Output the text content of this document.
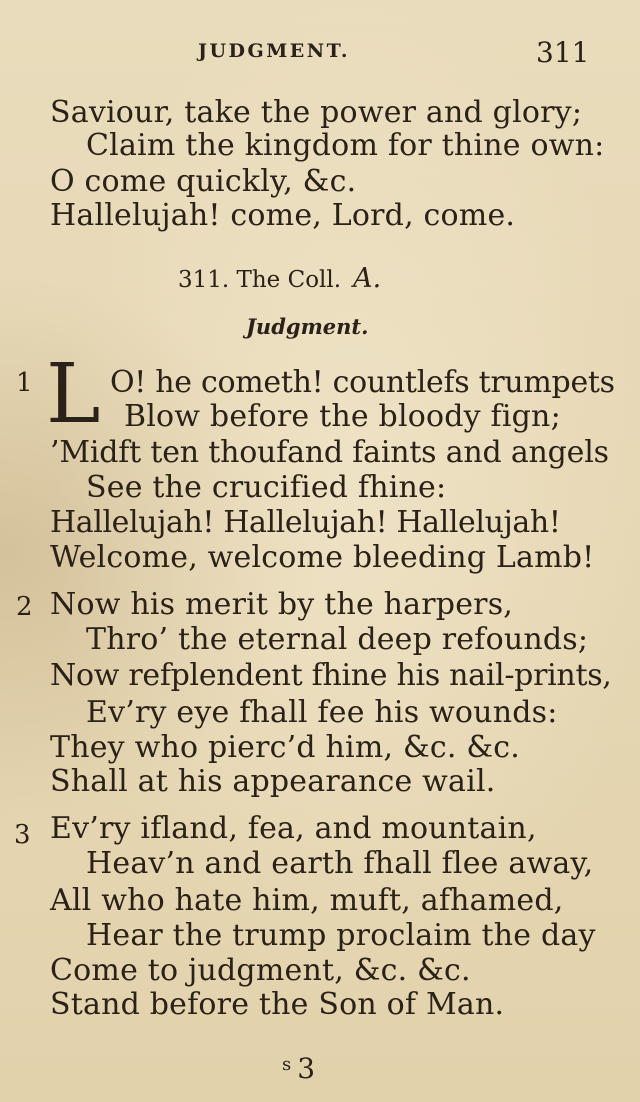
JUDGMENT.	311
Saviour, take the power and glory;
Claim the kingdom for thine own:
O come quickly, &c.
Hallelujah! come, Lord, come.
311. The Coll. A.
Judgment.
1 L O! he cometh! countlefs trumpets
Blow before the bloody fign;
’Midft ten thoufand faints and angels
See the crucified fhine:
Hallelujah! Hallelujah! Hallelujah!
Welcome, welcome bleeding Lamb!
2 Now his merit by the harpers,
Thro’ the eternal deep refounds;
Now refplendent fhine his nail-prints,
Ev’ry eye fhall fee his wounds:
They who pierc’d him, &c. &c.
Shall at his appearance wail.
3 Ev’ry ifland, fea, and mountain,
Heav’n and earth fhall flee away,
All who hate him, muft, afhamed,
Hear the trump proclaim the day
Come to judgment, &c. &c.
Stand before the Son of Man.
$^s$ 3
